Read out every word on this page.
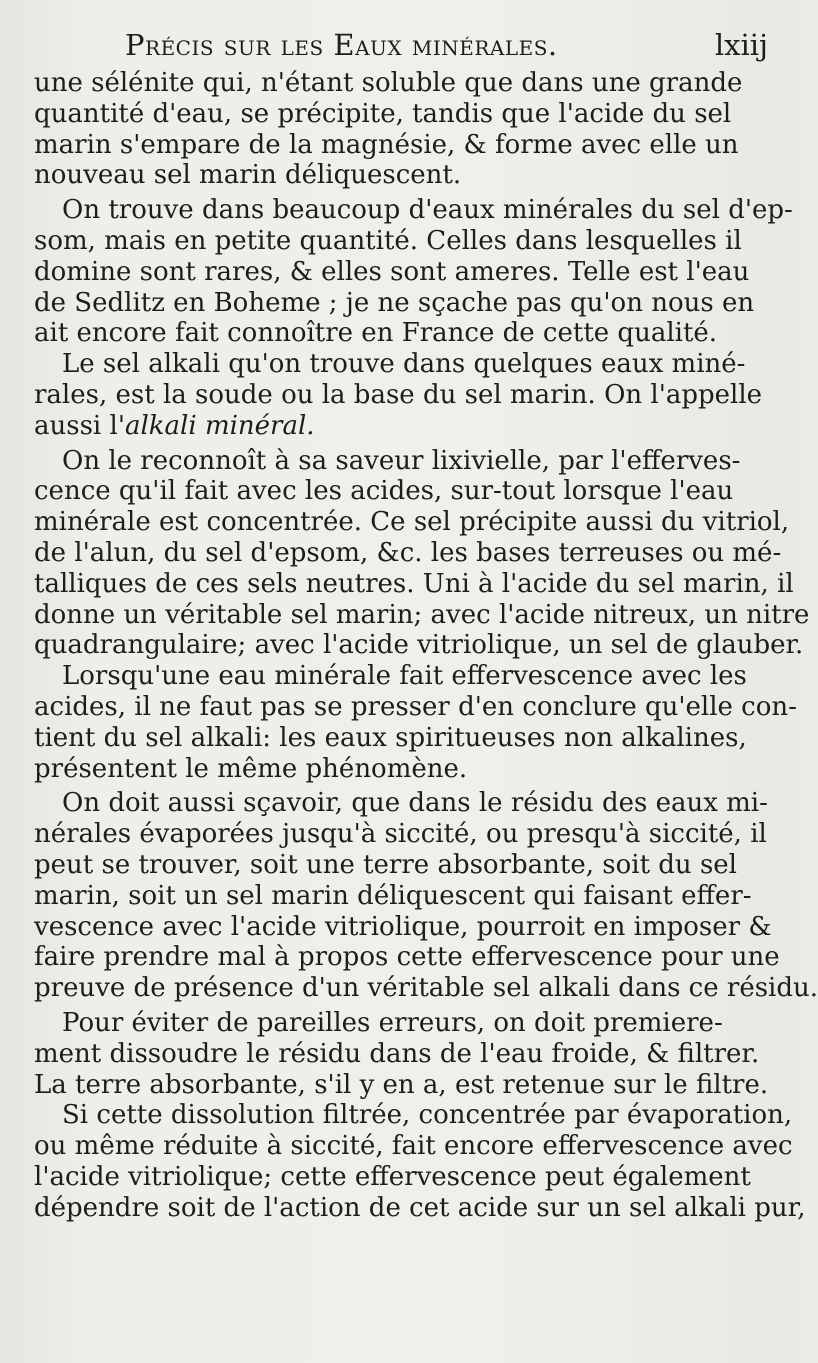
Précis sur les Eaux minérales.	lxiij
une sélénite qui, n'étant soluble que dans une grande
quantité d'eau, se précipite, tandis que l'acide du sel
marin s'empare de la magnésie, & forme avec elle un
nouveau sel marin déliquescent.
On trouve dans beaucoup d'eaux minérales du sel d'ep-
som, mais en petite quantité. Celles dans lesquelles il
domine sont rares, & elles sont ameres. Telle est l'eau
de Sedlitz en Boheme ; je ne sçache pas qu'on nous en
ait encore fait connoître en France de cette qualité.
Le sel alkali qu'on trouve dans quelques eaux miné-
rales, est la soude ou la base du sel marin. On l'appelle
aussi l'alkali minéral.
On le reconnoît à sa saveur lixivielle, par l'efferves-
cence qu'il fait avec les acides, sur-tout lorsque l'eau
minérale est concentrée. Ce sel précipite aussi du vitriol,
de l'alun, du sel d'epsom, &c. les bases terreuses ou mé-
talliques de ces sels neutres. Uni à l'acide du sel marin, il
donne un véritable sel marin; avec l'acide nitreux, un nitre
quadrangulaire; avec l'acide vitriolique, un sel de glauber.
Lorsqu'une eau minérale fait effervescence avec les
acides, il ne faut pas se presser d'en conclure qu'elle con-
tient du sel alkali: les eaux spiritueuses non alkalines,
présentent le même phénomène.
On doit aussi sçavoir, que dans le résidu des eaux mi-
nérales évaporées jusqu'à siccité, ou presqu'à siccité, il
peut se trouver, soit une terre absorbante, soit du sel
marin, soit un sel marin déliquescent qui faisant effer-
vescence avec l'acide vitriolique, pourroit en imposer &
faire prendre mal à propos cette effervescence pour une
preuve de présence d'un véritable sel alkali dans ce résidu.
Pour éviter de pareilles erreurs, on doit premiere-
ment dissoudre le résidu dans de l'eau froide, & filtrer.
La terre absorbante, s'il y en a, est retenue sur le filtre.
Si cette dissolution filtrée, concentrée par évaporation,
ou même réduite à siccité, fait encore effervescence avec
l'acide vitriolique; cette effervescence peut également
dépendre soit de l'action de cet acide sur un sel alkali pur,
